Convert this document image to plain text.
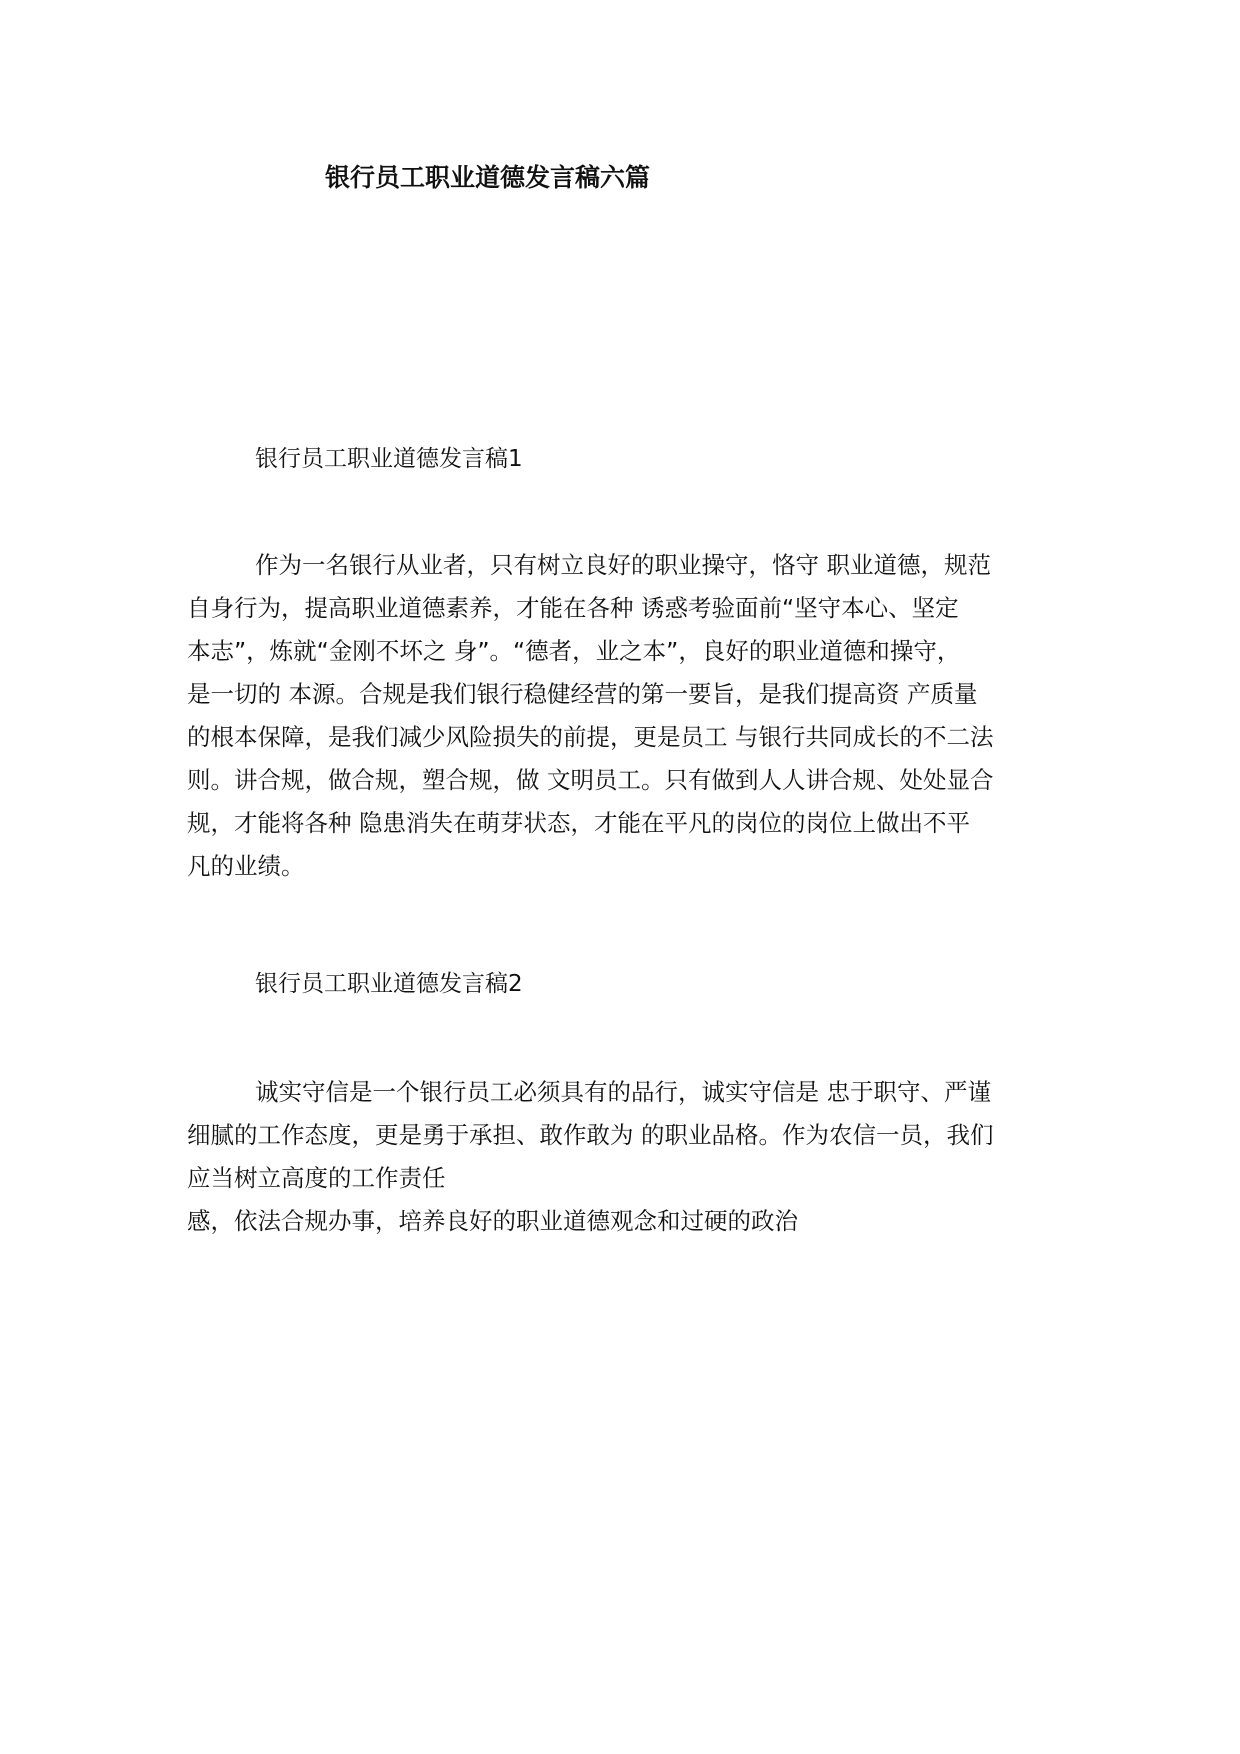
银行员工职业道德发言稿六篇
银行员工职业道德发言稿1
作为一名银行从业者，只有树立良好的职业操守，恪守 职业道德，规范
自身行为，提高职业道德素养，才能在各种 诱惑考验面前“坚守本心、坚定
本志”，炼就“金刚不坏之 身”。“德者，业之本”，良好的职业道德和操守，
是一切的 本源。合规是我们银行稳健经营的第一要旨，是我们提高资 产质量
的根本保障，是我们减少风险损失的前提，更是员工 与银行共同成长的不二法
则。讲合规，做合规，塑合规，做 文明员工。只有做到人人讲合规、处处显合
规，才能将各种 隐患消失在萌芽状态，才能在平凡的岗位的岗位上做出不平
凡的业绩。
银行员工职业道德发言稿2
诚实守信是一个银行员工必须具有的品行，诚实守信是 忠于职守、严谨
细腻的工作态度，更是勇于承担、敢作敢为 的职业品格。作为农信一员，我们
应当树立高度的工作责任
感，依法合规办事，培养良好的职业道德观念和过硬的政治
